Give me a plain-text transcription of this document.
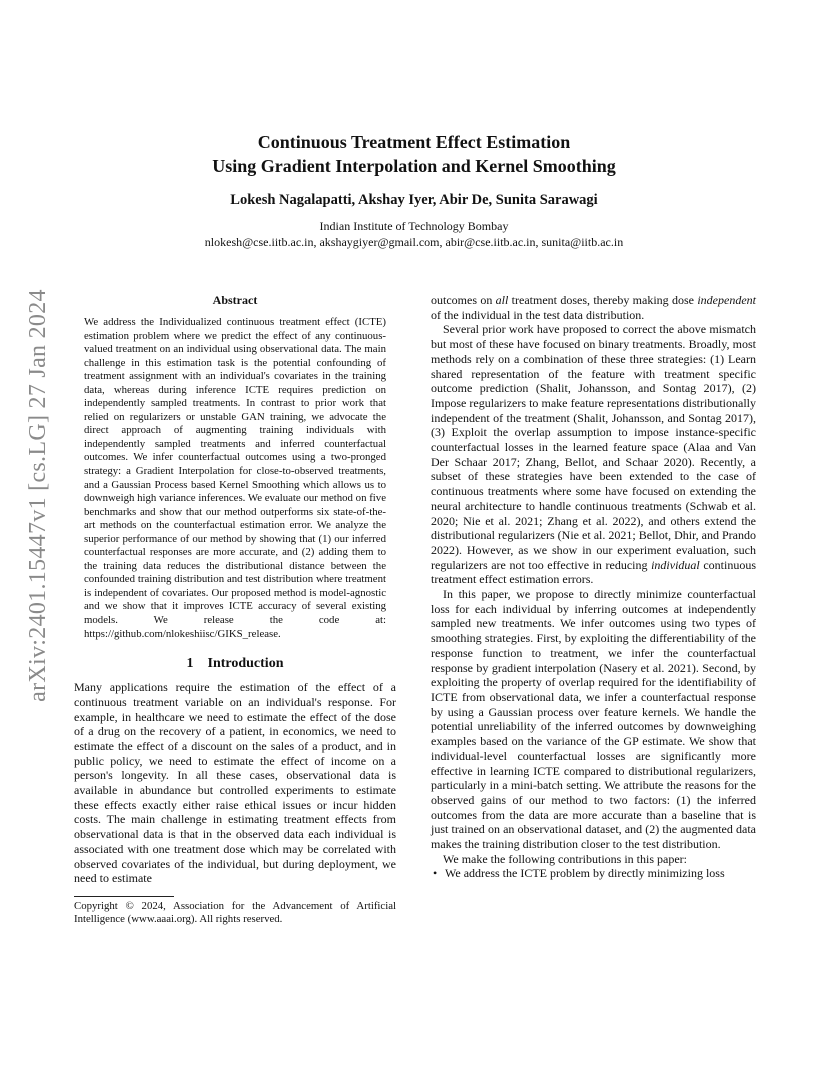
arXiv:2401.15447v1 [cs.LG] 27 Jan 2024
Continuous Treatment Effect Estimation
Using Gradient Interpolation and Kernel Smoothing
Lokesh Nagalapatti, Akshay Iyer, Abir De, Sunita Sarawagi
Indian Institute of Technology Bombay
nlokesh@cse.iitb.ac.in, akshaygiyer@gmail.com, abir@cse.iitb.ac.in, sunita@iitb.ac.in
Abstract

We address the Individualized continuous treatment effect (ICTE) estimation problem where we predict the effect of any continuous-valued treatment on an individual using observational data. The main challenge in this estimation task is the potential confounding of treatment assignment with an individual's covariates in the training data, whereas during inference ICTE requires prediction on independently sampled treatments. In contrast to prior work that relied on regularizers or unstable GAN training, we advocate the direct approach of augmenting training individuals with independently sampled treatments and inferred counterfactual outcomes. We infer counterfactual outcomes using a two-pronged strategy: a Gradient Interpolation for close-to-observed treatments, and a Gaussian Process based Kernel Smoothing which allows us to downweigh high variance inferences. We evaluate our method on five benchmarks and show that our method outperforms six state-of-the-art methods on the counterfactual estimation error. We analyze the superior performance of our method by showing that (1) our inferred counterfactual responses are more accurate, and (2) adding them to the training data reduces the distributional distance between the confounded training distribution and test distribution where treatment is independent of covariates. Our proposed method is model-agnostic and we show that it improves ICTE accuracy of several existing models. We release the code at: https://github.com/nlokeshiisc/GIKS_release.

1 Introduction

Many applications require the estimation of the effect of a continuous treatment variable on an individual's response. For example, in healthcare we need to estimate the effect of the dose of a drug on the recovery of a patient, in economics, we need to estimate the effect of a discount on the sales of a product, and in public policy, we need to estimate the effect of income on a person's longevity. In all these cases, observational data is available in abundance but controlled experiments to estimate these effects exactly either raise ethical issues or incur hidden costs. The main challenge in estimating treatment effects from observational data is that in the observed data each individual is associated with one treatment dose which may be correlated with observed covariates of the individual, but during deployment, we need to estimate

Copyright © 2024, Association for the Advancement of Artificial Intelligence (www.aaai.org). All rights reserved.

outcomes on all treatment doses, thereby making dose independent of the individual in the test data distribution.

Several prior work have proposed to correct the above mismatch but most of these have focused on binary treatments. Broadly, most methods rely on a combination of these three strategies: (1) Learn shared representation of the feature with treatment specific outcome prediction (Shalit, Johansson, and Sontag 2017), (2) Impose regularizers to make feature representations distributionally independent of the treatment (Shalit, Johansson, and Sontag 2017), (3) Exploit the overlap assumption to impose instance-specific counterfactual losses in the learned feature space (Alaa and Van Der Schaar 2017; Zhang, Bellot, and Schaar 2020). Recently, a subset of these strategies have been extended to the case of continuous treatments where some have focused on extending the neural architecture to handle continuous treatments (Schwab et al. 2020; Nie et al. 2021; Zhang et al. 2022), and others extend the distributional regularizers (Nie et al. 2021; Bellot, Dhir, and Prando 2022). However, as we show in our experiment evaluation, such regularizers are not too effective in reducing individual continuous treatment effect estimation errors.

In this paper, we propose to directly minimize counterfactual loss for each individual by inferring outcomes at independently sampled new treatments. We infer outcomes using two types of smoothing strategies. First, by exploiting the differentiability of the response function to treatment, we infer the counterfactual response by gradient interpolation (Nasery et al. 2021). Second, by exploiting the property of overlap required for the identifiability of ICTE from observational data, we infer a counterfactual response by using a Gaussian process over feature kernels. We handle the potential unreliability of the inferred outcomes by downweighing examples based on the variance of the GP estimate. We show that individual-level counterfactual losses are significantly more effective in learning ICTE compared to distributional regularizers, particularly in a mini-batch setting. We attribute the reasons for the observed gains of our method to two factors: (1) the inferred outcomes from the data are more accurate than a baseline that is just trained on an observational dataset, and (2) the augmented data makes the training distribution closer to the test distribution.

We make the following contributions in this paper:

• We address the ICTE problem by directly minimizing loss
